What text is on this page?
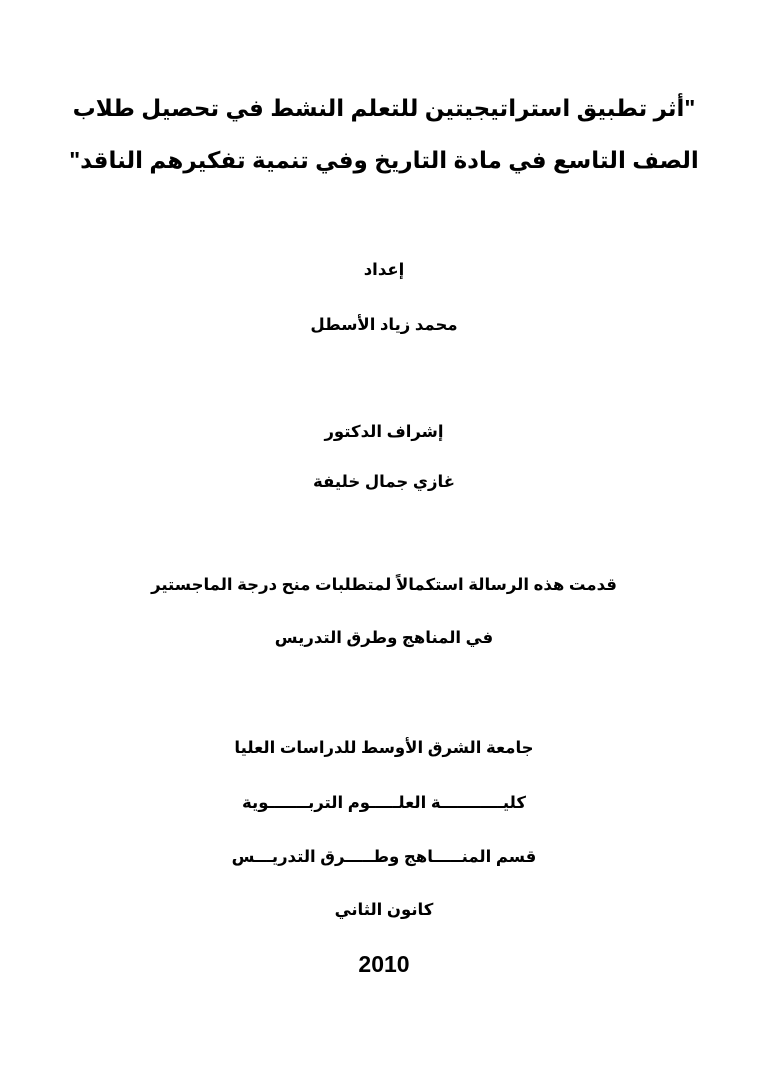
"أثر تطبيق استراتيجيتين للتعلم النشط في تحصيل طلاب
الصف التاسع في مادة التاريخ وفي تنمية تفكيرهم الناقد"
إعداد
محمد زياد الأسطل
إشراف الدكتور
غازي جمال خليفة
قدمت هذه الرسالة استكمالاً لمتطلبات منح درجة الماجستير
في المناهج وطرق التدريس
جامعة الشرق الأوسط للدراسات العليا
كليـــــــــــة العلـــــوم التربـــــــوية
قسم المنـــــاهج وطـــــرق التدريـــس
كانون الثاني
2010
